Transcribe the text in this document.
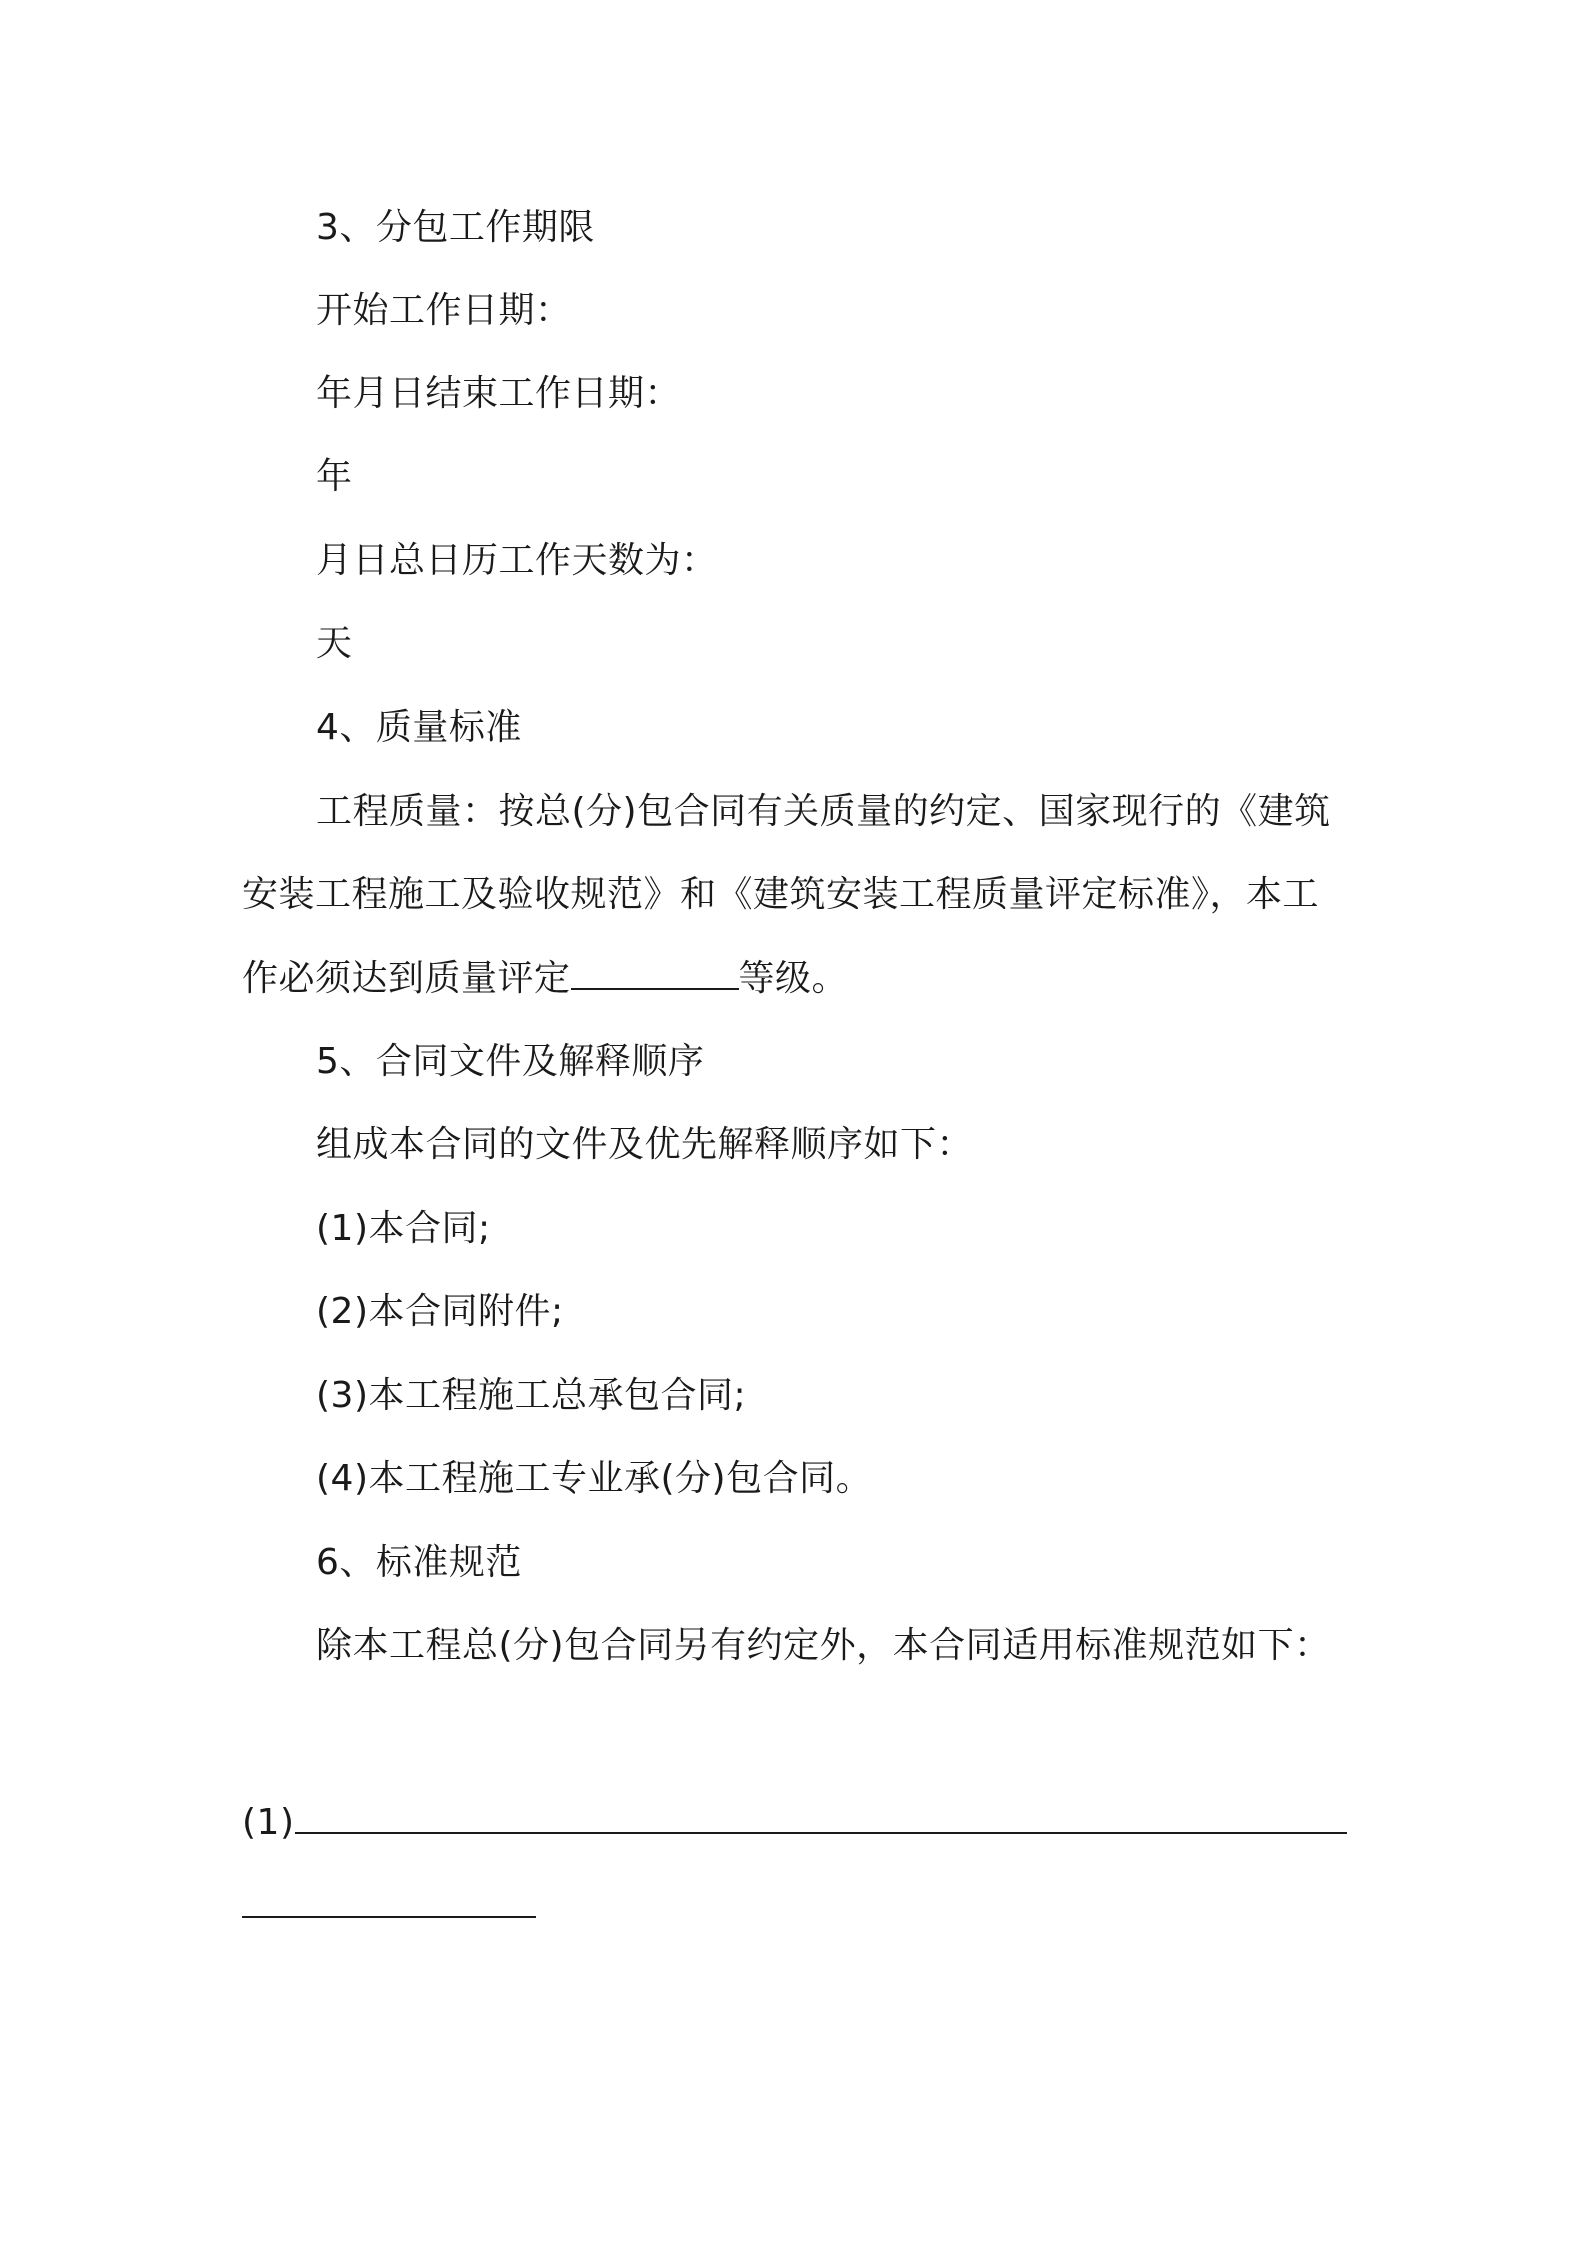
3、分包工作期限

开始工作日期：

年月日结束工作日期：

年

月日总日历工作天数为：

天

4、质量标准

工程质量：按总(分)包合同有关质量的约定、国家现行的《建筑

安装工程施工及验收规范》和《建筑安装工程质量评定标准》，本工

作必须达到质量评定	等级。

5、合同文件及解释顺序

组成本合同的文件及优先解释顺序如下：

(1)本合同;

(2)本合同附件;

(3)本工程施工总承包合同;

(4)本工程施工专业承(分)包合同。

6、标准规范

除本工程总(分)包合同另有约定外，本合同适用标准规范如下：

(1)
